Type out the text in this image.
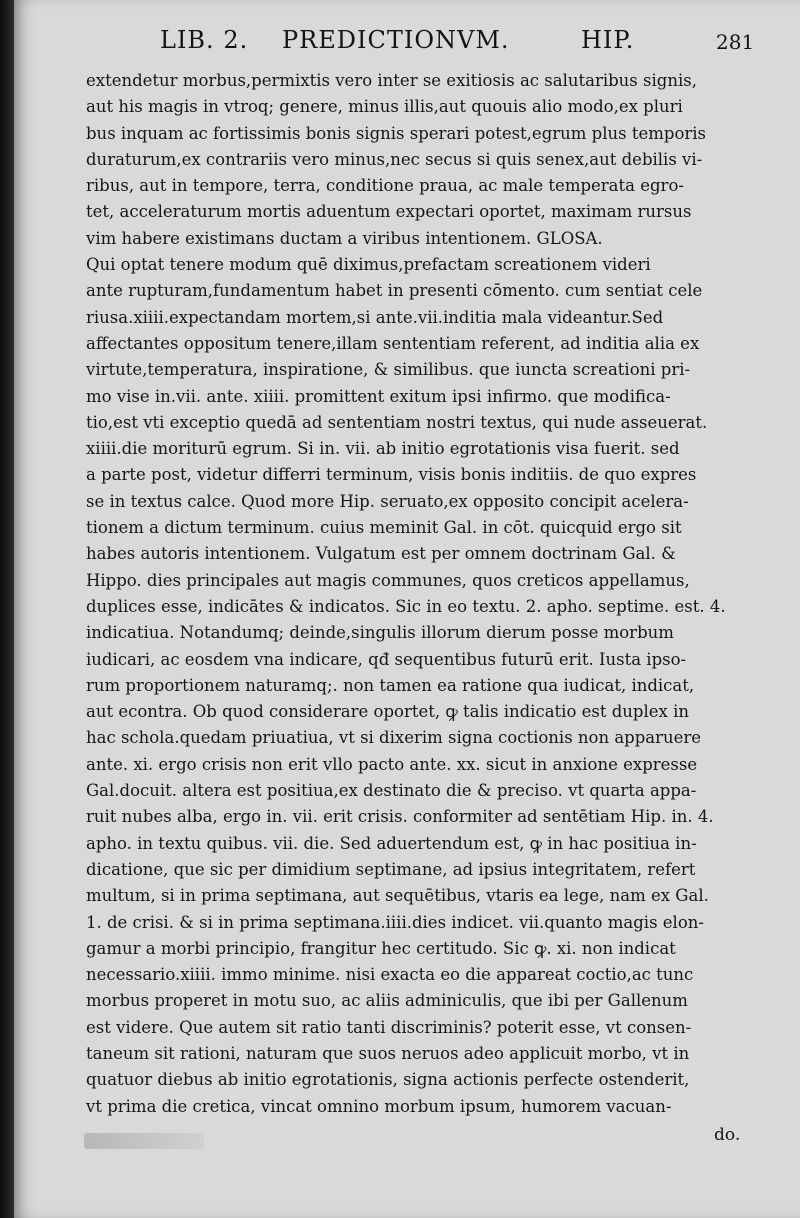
LIB. 2. PREDICTIONVM.	HIP.	281
extendetur morbus,permixtis vero inter se exitiosis ac salutaribus signis,
aut his magis in vtroq; genere, minus illis,aut quouis alio modo,ex pluri
bus inquam ac fortissimis bonis signis sperari potest,egrum plus temporis
duraturum,ex contrariis vero minus,nec secus si quis senex,aut debilis vi-
ribus, aut in tempore, terra, conditione praua, ac male temperata egro-
tet, acceleraturum mortis aduentum expectari oportet, maximam rursus
vim habere existimans ductam a viribus intentionem. GLOSA.
Qui optat tenere modum quē diximus,prefactam screationem videri
ante rupturam,fundamentum habet in presenti cōmento. cum sentiat cele
riusa.xiiii.expectandam mortem,si ante.vii.inditia mala videantur.Sed
affectantes oppositum tenere,illam sententiam referent, ad inditia alia ex
virtute,temperatura, inspiratione, & similibus. que iuncta screationi pri-
mo vise in.vii. ante. xiiii. promittent exitum ipsi infirmo. que modifica-
tio,est vti exceptio quedā ad sententiam nostri textus, qui nude asseuerat.
xiiii.die moriturū egrum. Si in. vii. ab initio egrotationis visa fuerit. sed
a parte post, videtur differri terminum, visis bonis inditiis. de quo expres
se in textus calce. Quod more Hip. seruato,ex opposito concipit acelera-
tionem a dictum terminum. cuius meminit Gal. in cōt. quicquid ergo sit
habes autoris intentionem. Vulgatum est per omnem doctrinam Gal. &
Hippo. dies principales aut magis communes, quos creticos appellamus,
duplices esse, indicātes & indicatos. Sic in eo textu. 2. apho. septime. est. 4.
indicatiua. Notandumq; deinde,singulis illorum dierum posse morbum
iudicari, ac eosdem vna indicare, qđ sequentibus futurū erit. Iusta ipso-
rum proportionem naturamq;. non tamen ea ratione qua iudicat, indicat,
aut econtra. Ob quod considerare oportet, ꝙ talis indicatio est duplex in
hac schola.quedam priuatiua, vt si dixerim signa coctionis non apparuere
ante. xi. ergo crisis non erit vllo pacto ante. xx. sicut in anxione expresse
Gal.docuit. altera est positiua,ex destinato die & preciso. vt quarta appa-
ruit nubes alba, ergo in. vii. erit crisis. conformiter ad sentētiam Hip. in. 4.
apho. in textu quibus. vii. die. Sed aduertendum est, ꝙ in hac positiua in-
dicatione, que sic per dimidium septimane, ad ipsius integritatem, refert
multum, si in prima septimana, aut sequētibus, vtaris ea lege, nam ex Gal.
1. de crisi. & si in prima septimana.iiii.dies indicet. vii.quanto magis elon-
gamur a morbi principio, frangitur hec certitudo. Sic ꝙ. xi. non indicat
necessario.xiiii. immo minime. nisi exacta eo die appareat coctio,ac tunc
morbus properet in motu suo, ac aliis adminiculis, que ibi per Gallenum
est videre. Que autem sit ratio tanti discriminis? poterit esse, vt consen-
taneum sit rationi, naturam que suos neruos adeo applicuit morbo, vt in
quatuor diebus ab initio egrotationis, signa actionis perfecte ostenderit,
vt prima die cretica, vincat omnino morbum ipsum, humorem vacuan-
do.
